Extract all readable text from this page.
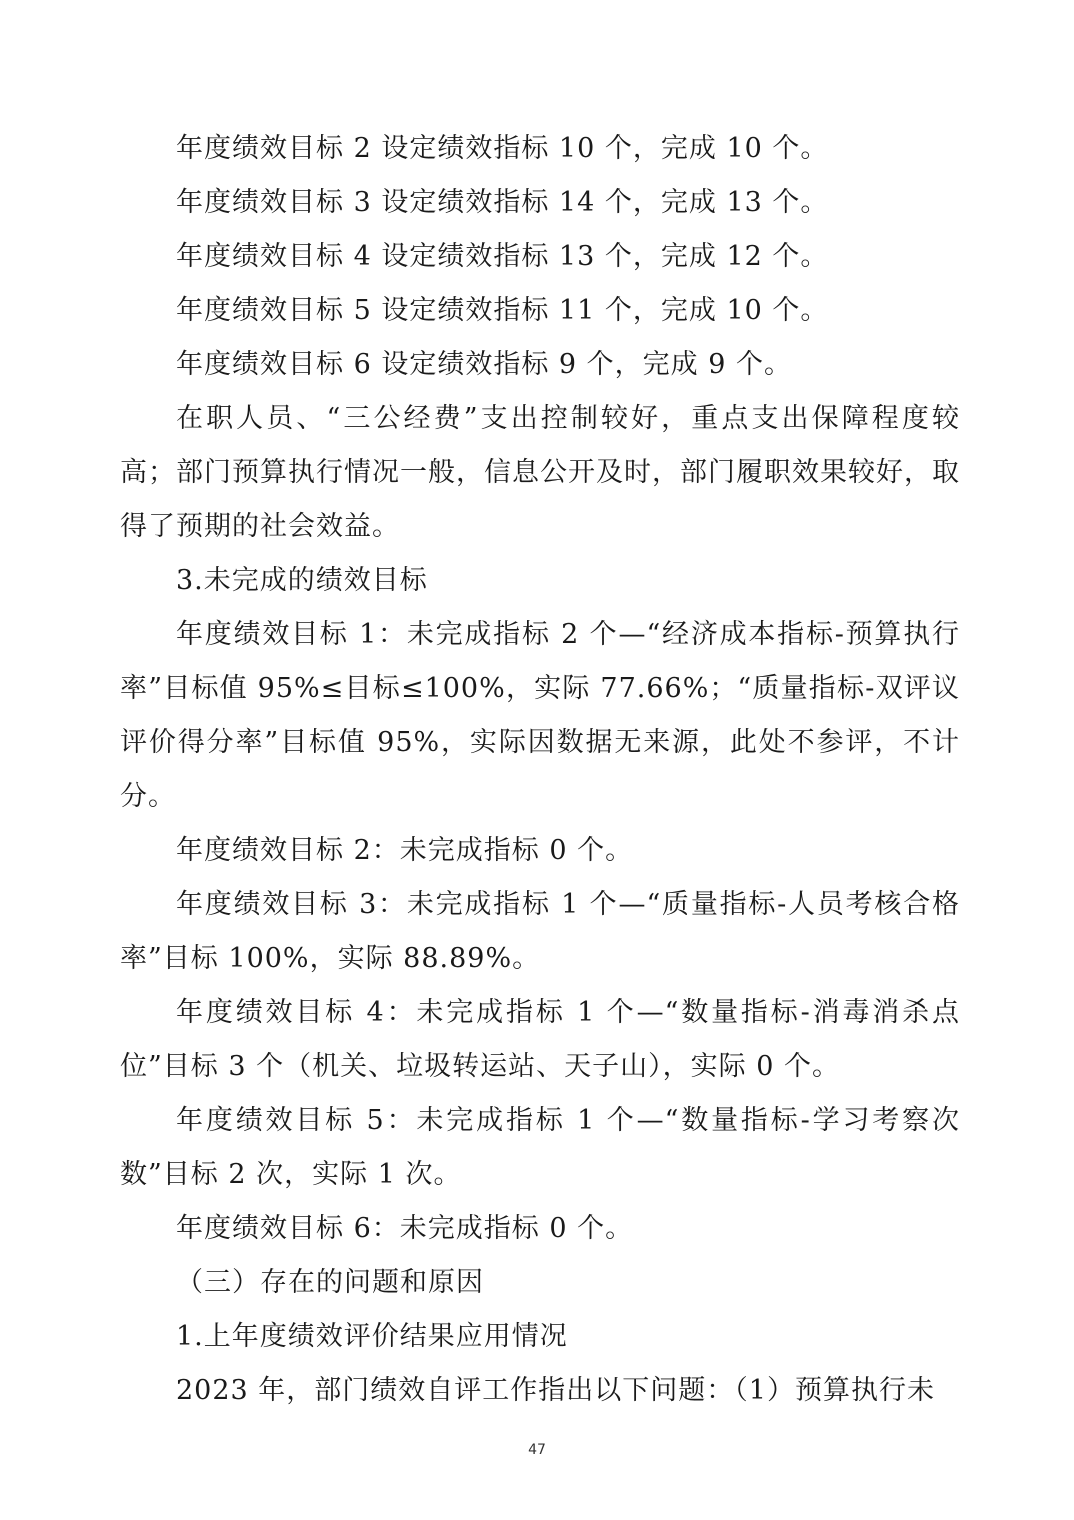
年度绩效目标 2 设定绩效指标 10 个，完成 10 个。

年度绩效目标 3 设定绩效指标 14 个，完成 13 个。

年度绩效目标 4 设定绩效指标 13 个，完成 12 个。

年度绩效目标 5 设定绩效指标 11 个，完成 10 个。

年度绩效目标 6 设定绩效指标 9 个，完成 9 个。

在职人员、“三公经费”支出控制较好，重点支出保障程度较高；部门预算执行情况一般，信息公开及时，部门履职效果较好，取得了预期的社会效益。

3.未完成的绩效目标

年度绩效目标 1：未完成指标 2 个—“经济成本指标-预算执行率”目标值 95%≤目标≤100%，实际 77.66%；“质量指标-双评议评价得分率”目标值 95%，实际因数据无来源，此处不参评，不计分。

年度绩效目标 2：未完成指标 0 个。

年度绩效目标 3：未完成指标 1 个—“质量指标-人员考核合格率”目标 100%，实际 88.89%。

年度绩效目标 4：未完成指标 1 个—“数量指标-消毒消杀点位”目标 3 个（机关、垃圾转运站、天子山），实际 0 个。

年度绩效目标 5：未完成指标 1 个—“数量指标-学习考察次数”目标 2 次，实际 1 次。

年度绩效目标 6：未完成指标 0 个。

（三）存在的问题和原因

1.上年度绩效评价结果应用情况

2023 年，部门绩效自评工作指出以下问题：（1）预算执行未

47
